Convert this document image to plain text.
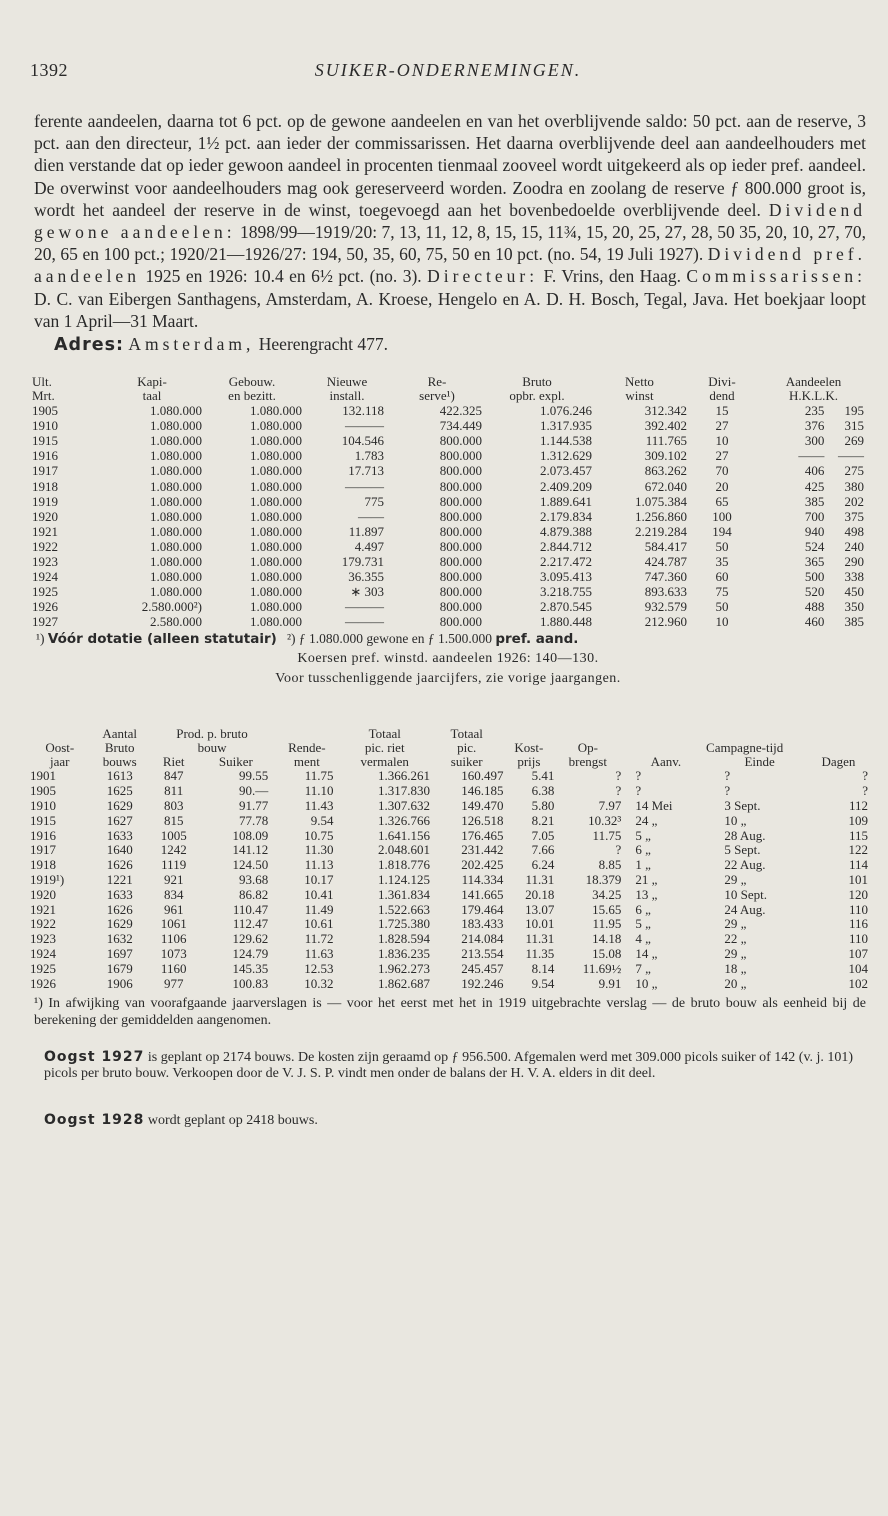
1392	SUIKER-ONDERNEMINGEN.
ferente aandeelen, daarna tot 6 pct. op de gewone aandeelen en van het overblijvende saldo: 50 pct. aan de reserve, 3 pct. aan den directeur, 1½ pct. aan ieder der commissarissen. Het daarna overblijvende deel aan aandeelhouders met dien verstande dat op ieder gewoon aandeel in procenten tienmaal zooveel wordt uitgekeerd als op ieder pref. aandeel. De overwinst voor aandeelhouders mag ook gereserveerd worden. Zoodra en zoolang de reserve ƒ 800.000 groot is, wordt het aandeel der reserve in de winst, toegevoegd aan het bovenbedoelde overblijvende deel. Dividend gewone aandeelen: 1898/99—1919/20: 7, 13, 11, 12, 8, 15, 15, 11¾, 15, 20, 25, 27, 28, 50 35, 20, 10, 27, 70, 20, 65 en 100 pct.; 1920/21—1926/27: 194, 50, 35, 60, 75, 50 en 10 pct. (no. 54, 19 Juli 1927). Dividend pref. aandeelen 1925 en 1926: 10.4 en 6½ pct. (no. 3). Directeur: F. Vrins, den Haag. Commissarissen: D. C. van Eibergen Santhagens, Amsterdam, A. Kroese, Hengelo en A. D. H. Bosch, Tegal, Java. Het boekjaar loopt van 1 April—31 Maart.
Adres: Amsterdam, Heerengracht 477.
Ult.	Kapi-	Gebouw.	Nieuwe	Re-	Bruto	Netto	Divi-	Aandeelen	
Mrt.	taal	en bezitt.	install.	serve¹)	opbr. expl.	winst	dend	H.K.L.K.	
1905	1.080.000	1.080.000	132.118	422.325	1.076.246	312.342	15	235	195
1910	1.080.000	1.080.000	———	734.449	1.317.935	392.402	27	376	315
1915	1.080.000	1.080.000	104.546	800.000	1.144.538	111.765	10	300	269
1916	1.080.000	1.080.000	1.783	800.000	1.312.629	309.102	27	——	——
1917	1.080.000	1.080.000	17.713	800.000	2.073.457	863.262	70	406	275
1918	1.080.000	1.080.000	———	800.000	2.409.209	672.040	20	425	380
1919	1.080.000	1.080.000	775	800.000	1.889.641	1.075.384	65	385	202
1920	1.080.000	1.080.000	——	800.000	2.179.834	1.256.860	100	700	375
1921	1.080.000	1.080.000	11.897	800.000	4.879.388	2.219.284	194	940	498
1922	1.080.000	1.080.000	4.497	800.000	2.844.712	584.417	50	524	240
1923	1.080.000	1.080.000	179.731	800.000	2.217.472	424.787	35	365	290
1924	1.080.000	1.080.000	36.355	800.000	3.095.413	747.360	60	500	338
1925	1.080.000	1.080.000	∗ 303	800.000	3.218.755	893.633	75	520	450
1926	2.580.000²)	1.080.000	———	800.000	2.870.545	932.579	50	488	350
1927	2.580.000	1.080.000	———	800.000	1.880.448	212.960	10	460	385
¹) Vóór dotatie (alleen statutair) ²) ƒ 1.080.000 gewone en ƒ 1.500.000 pref. aand.
Koersen pref. winstd. aandeelen 1926: 140—130.
Voor tusschenliggende jaarcijfers, zie vorige jaargangen.
	Aantal	Prod. p. bruto			Totaal	Totaal					
Oost-	Bruto	bouw		Rende-	pic. riet	pic.	Kost-	Op-	Campagne-tijd		
jaar	bouws	Riet	Suiker	ment	vermalen	suiker	prijs	brengst	Aanv.	Einde	Dagen
1901	1613	847	99.55	11.75	1.366.261	160.497	5.41	?	?	?	?
1905	1625	811	90.—	11.10	1.317.830	146.185	6.38	?	?	?	?
1910	1629	803	91.77	11.43	1.307.632	149.470	5.80	7.97	14 Mei	3 Sept.	112
1915	1627	815	77.78	9.54	1.326.766	126.518	8.21	10.32³	24 „	10 „	109
1916	1633	1005	108.09	10.75	1.641.156	176.465	7.05	11.75	5 „	28 Aug.	115
1917	1640	1242	141.12	11.30	2.048.601	231.442	7.66	?	6 „	5 Sept.	122
1918	1626	1119	124.50	11.13	1.818.776	202.425	6.24	8.85	1 „	22 Aug.	114
1919¹)	1221	921	93.68	10.17	1.124.125	114.334	11.31	18.379	21 „	29 „	101
1920	1633	834	86.82	10.41	1.361.834	141.665	20.18	34.25	13 „	10 Sept.	120
1921	1626	961	110.47	11.49	1.522.663	179.464	13.07	15.65	6 „	24 Aug.	110
1922	1629	1061	112.47	10.61	1.725.380	183.433	10.01	11.95	5 „	29 „	116
1923	1632	1106	129.62	11.72	1.828.594	214.084	11.31	14.18	4 „	22 „	110
1924	1697	1073	124.79	11.63	1.836.235	213.554	11.35	15.08	14 „	29 „	107
1925	1679	1160	145.35	12.53	1.962.273	245.457	8.14	11.69½	7 „	18 „	104
1926	1906	977	100.83	10.32	1.862.687	192.246	9.54	9.91	10 „	20 „	102
¹) In afwijking van voorafgaande jaarverslagen is — voor het eerst met het in 1919 uitgebrachte verslag — de bruto bouw als eenheid bij de berekening der gemiddelden aangenomen.
Oogst 1927 is geplant op 2174 bouws. De kosten zijn geraamd op ƒ 956.500. Afgemalen werd met 309.000 picols suiker of 142 (v. j. 101) picols per bruto bouw. Verkoopen door de V. J. S. P. vindt men onder de balans der H. V. A. elders in dit deel.
Oogst 1928 wordt geplant op 2418 bouws.
